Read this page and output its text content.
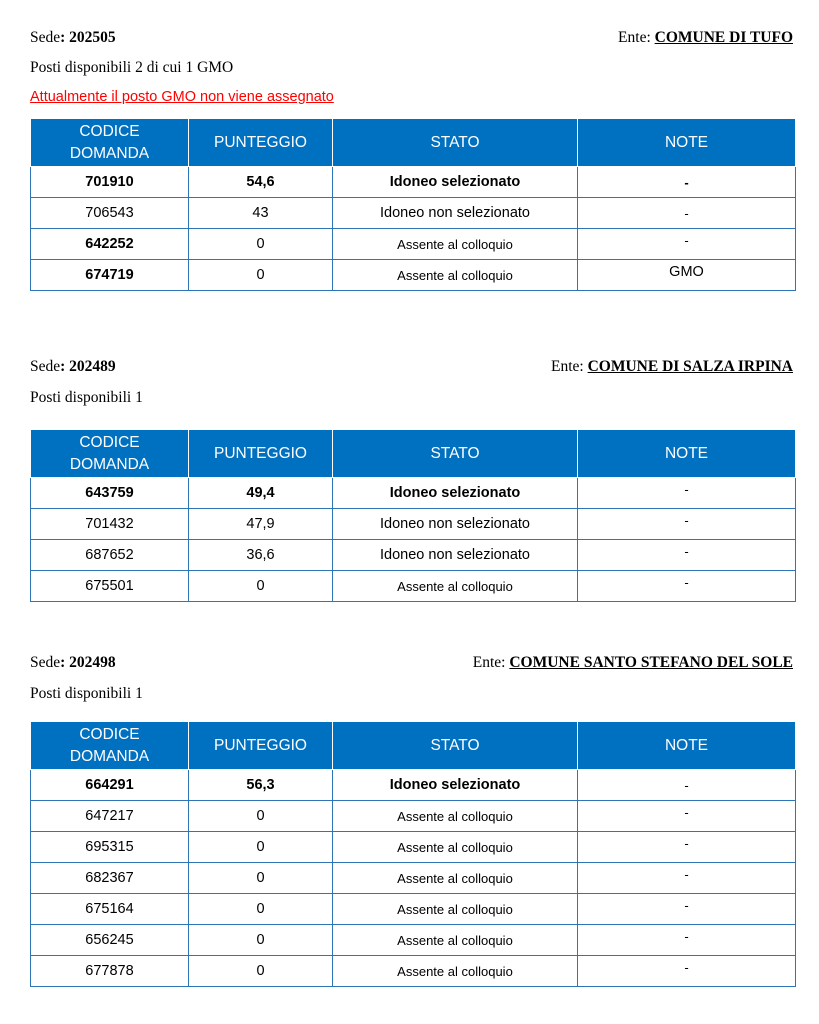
Sede: 202505	Ente: COMUNE DI TUFO
Posti disponibili 2 di cui 1 GMO
Attualmente il posto GMO non viene assegnato
CODICE DOMANDA	PUNTEGGIO	STATO	NOTE
701910	54,6	Idoneo selezionato	-
706543	43	Idoneo non selezionato	-
642252	0	Assente al colloquio	-
674719	0	Assente al colloquio	GMO
Sede: 202489	Ente: COMUNE DI SALZA IRPINA
Posti disponibili 1
CODICE DOMANDA	PUNTEGGIO	STATO	NOTE
643759	49,4	Idoneo selezionato	-
701432	47,9	Idoneo non selezionato	-
687652	36,6	Idoneo non selezionato	-
675501	0	Assente al colloquio	-
Sede: 202498	Ente: COMUNE SANTO STEFANO DEL SOLE
Posti disponibili 1
CODICE DOMANDA	PUNTEGGIO	STATO	NOTE
664291	56,3	Idoneo selezionato	-
647217	0	Assente al colloquio	-
695315	0	Assente al colloquio	-
682367	0	Assente al colloquio	-
675164	0	Assente al colloquio	-
656245	0	Assente al colloquio	-
677878	0	Assente al colloquio	-
